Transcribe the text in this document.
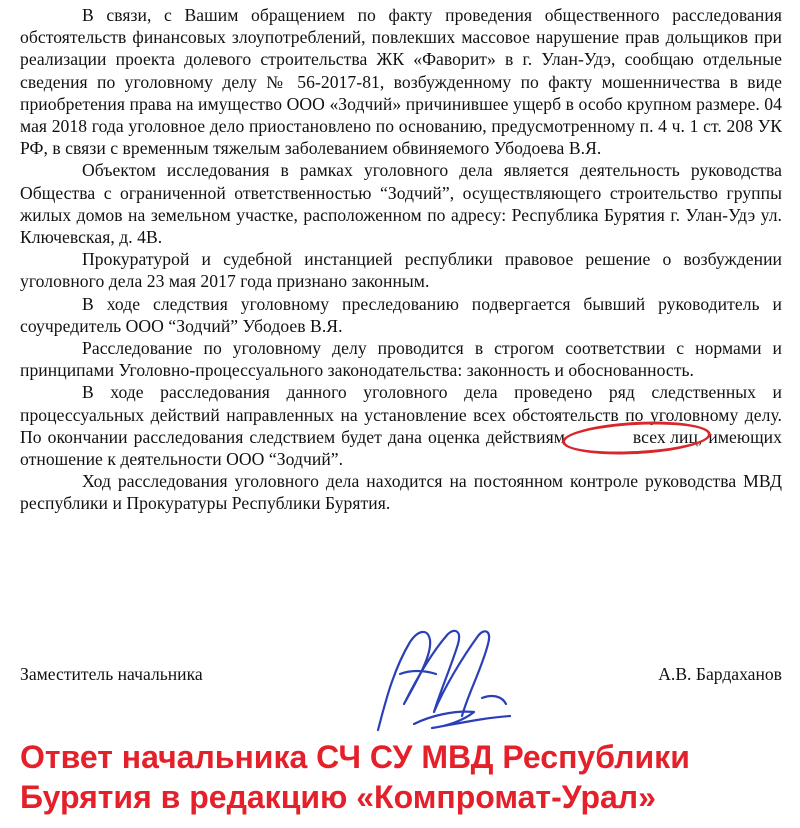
В связи, с Вашим обращением по факту проведения общественного расследования обстоятельств финансовых злоупотреблений, повлекших массовое нарушение прав дольщиков при реализации проекта долевого строительства ЖК «Фаворит» в г. Улан-Удэ, сообщаю отдельные сведения по уголовному делу № 56-2017-81, возбужденному по факту мошенничества в виде приобретения права на имущество ООО «Зодчий» причинившее ущерб в особо крупном размере. 04 мая 2018 года уголовное дело приостановлено по основанию, предусмотренному п. 4 ч. 1 ст. 208 УК РФ, в связи с временным тяжелым заболеванием обвиняемого Убодоева В.Я.

Объектом исследования в рамках уголовного дела является деятельность руководства Общества с ограниченной ответственностью “Зодчий”, осуществляющего строительство группы жилых домов на земельном участке, расположенном по адресу: Республика Бурятия г. Улан-Удэ ул. Ключевская, д. 4В.

Прокуратурой и судебной инстанцией республики правовое решение о возбуждении уголовного дела 23 мая 2017 года признано законным.

В ходе следствия уголовному преследованию подвергается бывший руководитель и соучредитель ООО “Зодчий” Убодоев В.Я.

Расследование по уголовному делу проводится в строгом соответствии с нормами и принципами Уголовно-процессуального законодательства: законность и обоснованность.

В ходе расследования данного уголовного дела проведено ряд следственных и процессуальных действий направленных на установление всех обстоятельств по уголовному делу. По окончании расследования следствием будет дана оценка действиям	всех лиц, имеющих отношение к деятельности ООО “Зодчий”.

Ход расследования уголовного дела находится на постоянном контроле руководства МВД республики и Прокуратуры Республики Бурятия.

Заместитель начальника	А.В. Бардаханов
Ответ начальника СЧ СУ МВД Республики
Бурятия в редакцию «Компромат-Урал»
